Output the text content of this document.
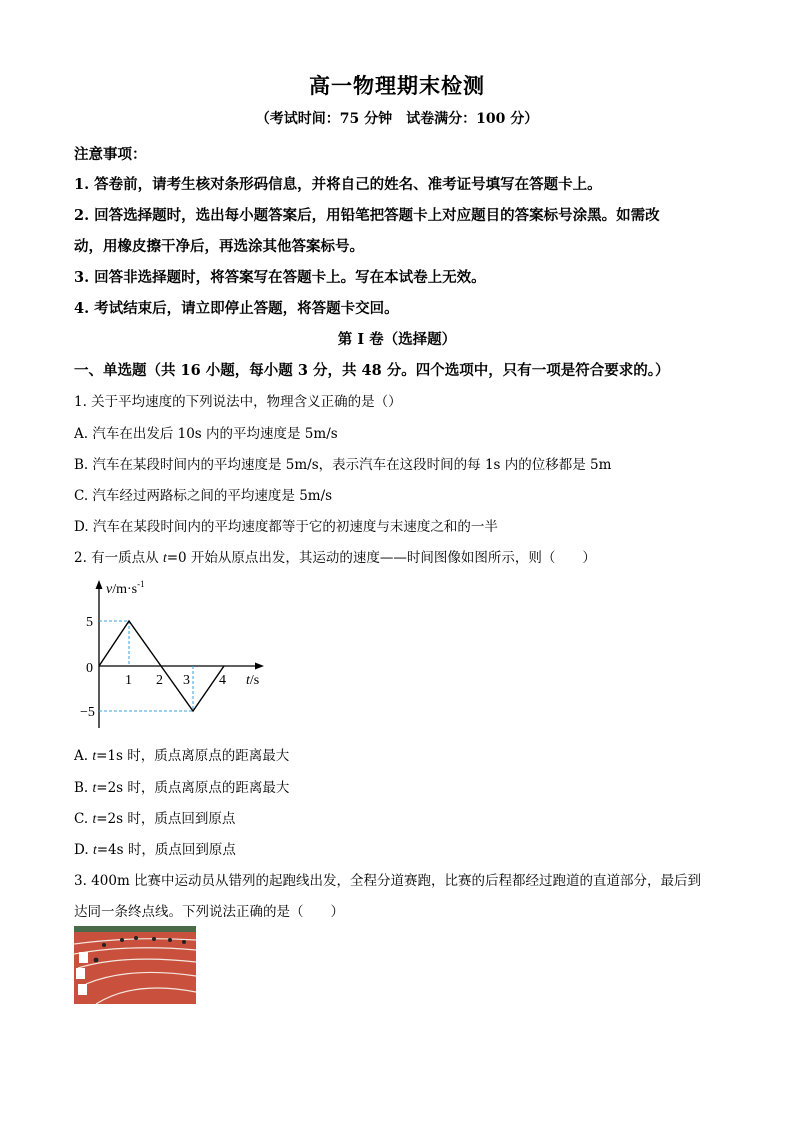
高一物理期末检测
（考试时间：75 分钟　试卷满分：100 分）
注意事项：
1. 答卷前，请考生核对条形码信息，并将自己的姓名、准考证号填写在答题卡上。
2. 回答选择题时，选出每小题答案后，用铅笔把答题卡上对应题目的答案标号涂黑。如需改
动，用橡皮擦干净后，再选涂其他答案标号。
3. 回答非选择题时，将答案写在答题卡上。写在本试卷上无效。
4. 考试结束后，请立即停止答题，将答题卡交回。
第 I 卷（选择题）
一、单选题（共 16 小题，每小题 3 分，共 48 分。四个选项中，只有一项是符合要求的。）
1. 关于平均速度的下列说法中，物理含义正确的是（）
A. 汽车在出发后 10s 内的平均速度是 5m/s
B. 汽车在某段时间内的平均速度是 5m/s，表示汽车在这段时间的每 1s 内的位移都是 5m
C. 汽车经过两路标之间的平均速度是 5m/s
D. 汽车在某段时间内的平均速度都等于它的初速度与末速度之和的一半
2. 有一质点从 t=0 开始从原点出发，其运动的速度——时间图像如图所示，则（　　）
$v/m\cdot s^{-1}$
5
0
−5
1 2 3 4 t/s
A. t=1s 时，质点离原点的距离最大
B. t=2s 时，质点离原点的距离最大
C. t=2s 时，质点回到原点
D. t=4s 时，质点回到原点
3. 400m 比赛中运动员从错列的起跑线出发，全程分道赛跑，比赛的后程都经过跑道的直道部分，最后到
达同一条终点线。下列说法正确的是（　　）
